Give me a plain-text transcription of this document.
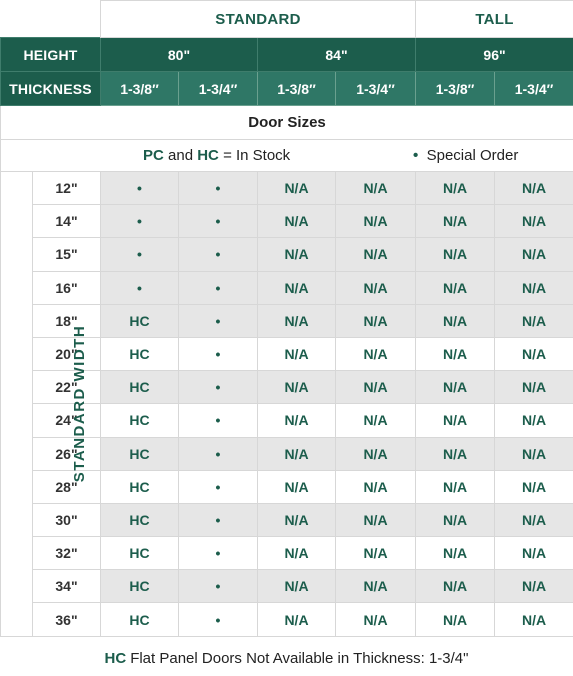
		STANDARD				TALL	
HEIGHT		80"		84"		96"	
THICKNESS		1-3/8″	1-3/4″	1-3/8″	1-3/4″	1-3/8″	1-3/4″
Door Sizes							

PC and HC = In Stock • Special Order							

STANDARD WIDTH	12"	•	•	N/A	N/A	N/A	N/A
	14"	•	•	N/A	N/A	N/A	N/A
	15"	•	•	N/A	N/A	N/A	N/A
	16"	•	•	N/A	N/A	N/A	N/A
	18"	HC	•	N/A	N/A	N/A	N/A
	20"	HC	•	N/A	N/A	N/A	N/A
	22"	HC	•	N/A	N/A	N/A	N/A
	24"	HC	•	N/A	N/A	N/A	N/A
	26"	HC	•	N/A	N/A	N/A	N/A
	28"	HC	•	N/A	N/A	N/A	N/A
	30"	HC	•	N/A	N/A	N/A	N/A
	32"	HC	•	N/A	N/A	N/A	N/A
	34"	HC	•	N/A	N/A	N/A	N/A
	36"	HC	•	N/A	N/A	N/A	N/A
HC Flat Panel Doors Not Available in Thickness: 1-3/4"
